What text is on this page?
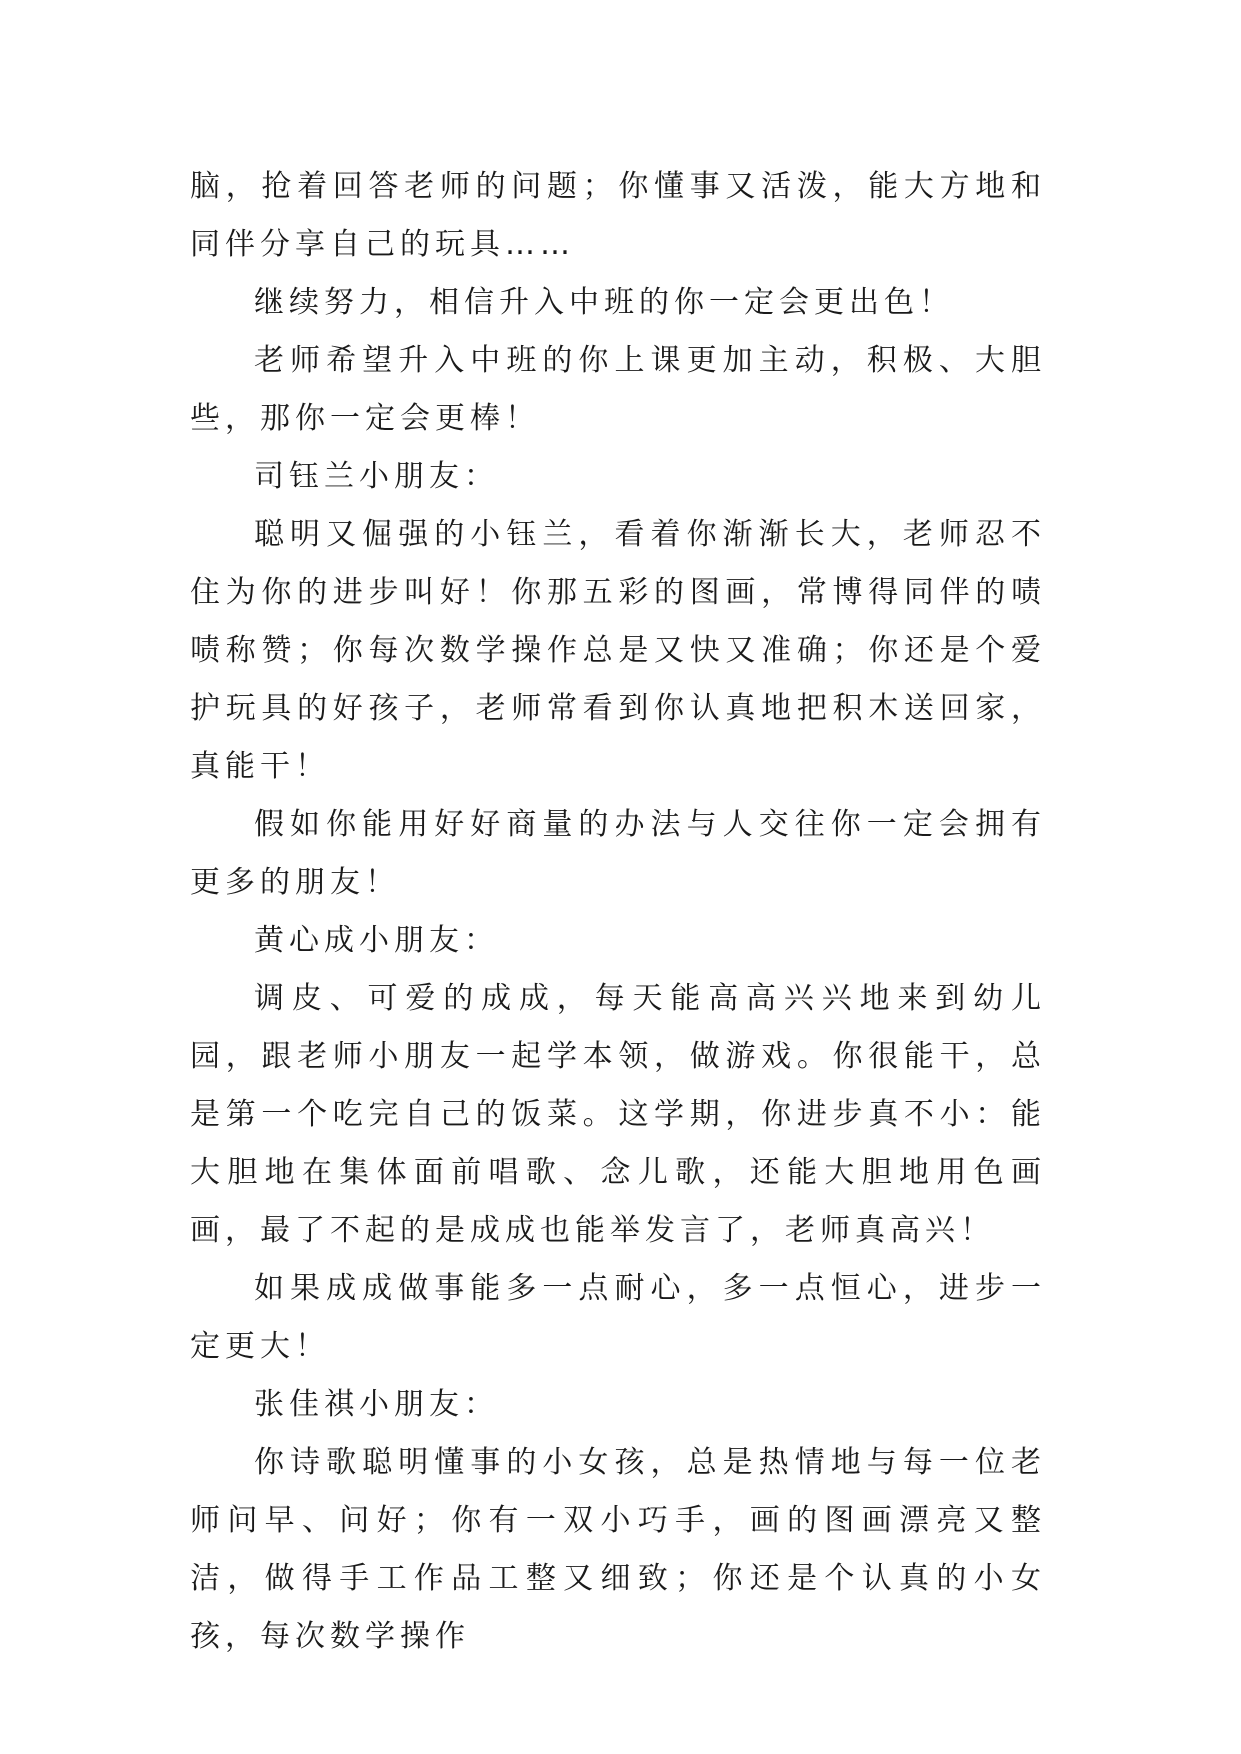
脑，抢着回答老师的问题；你懂事又活泼，能大方地和同伴分享自己的玩具……

继续努力，相信升入中班的你一定会更出色！

老师希望升入中班的你上课更加主动，积极、大胆些，那你一定会更棒！

司钰兰小朋友：

聪明又倔强的小钰兰，看着你渐渐长大，老师忍不住为你的进步叫好！你那五彩的图画，常博得同伴的啧啧称赞；你每次数学操作总是又快又准确；你还是个爱护玩具的好孩子，老师常看到你认真地把积木送回家，真能干！

假如你能用好好商量的办法与人交往你一定会拥有更多的朋友！

黄心成小朋友：

调皮、可爱的成成，每天能高高兴兴地来到幼儿园，跟老师小朋友一起学本领，做游戏。你很能干，总是第一个吃完自己的饭菜。这学期，你进步真不小：能大胆地在集体面前唱歌、念儿歌，还能大胆地用色画画，最了不起的是成成也能举发言了，老师真高兴！

如果成成做事能多一点耐心，多一点恒心，进步一定更大！

张佳祺小朋友：

你诗歌聪明懂事的小女孩，总是热情地与每一位老师问早、问好；你有一双小巧手，画的图画漂亮又整洁，做得手工作品工整又细致；你还是个认真的小女孩，每次数学操作
